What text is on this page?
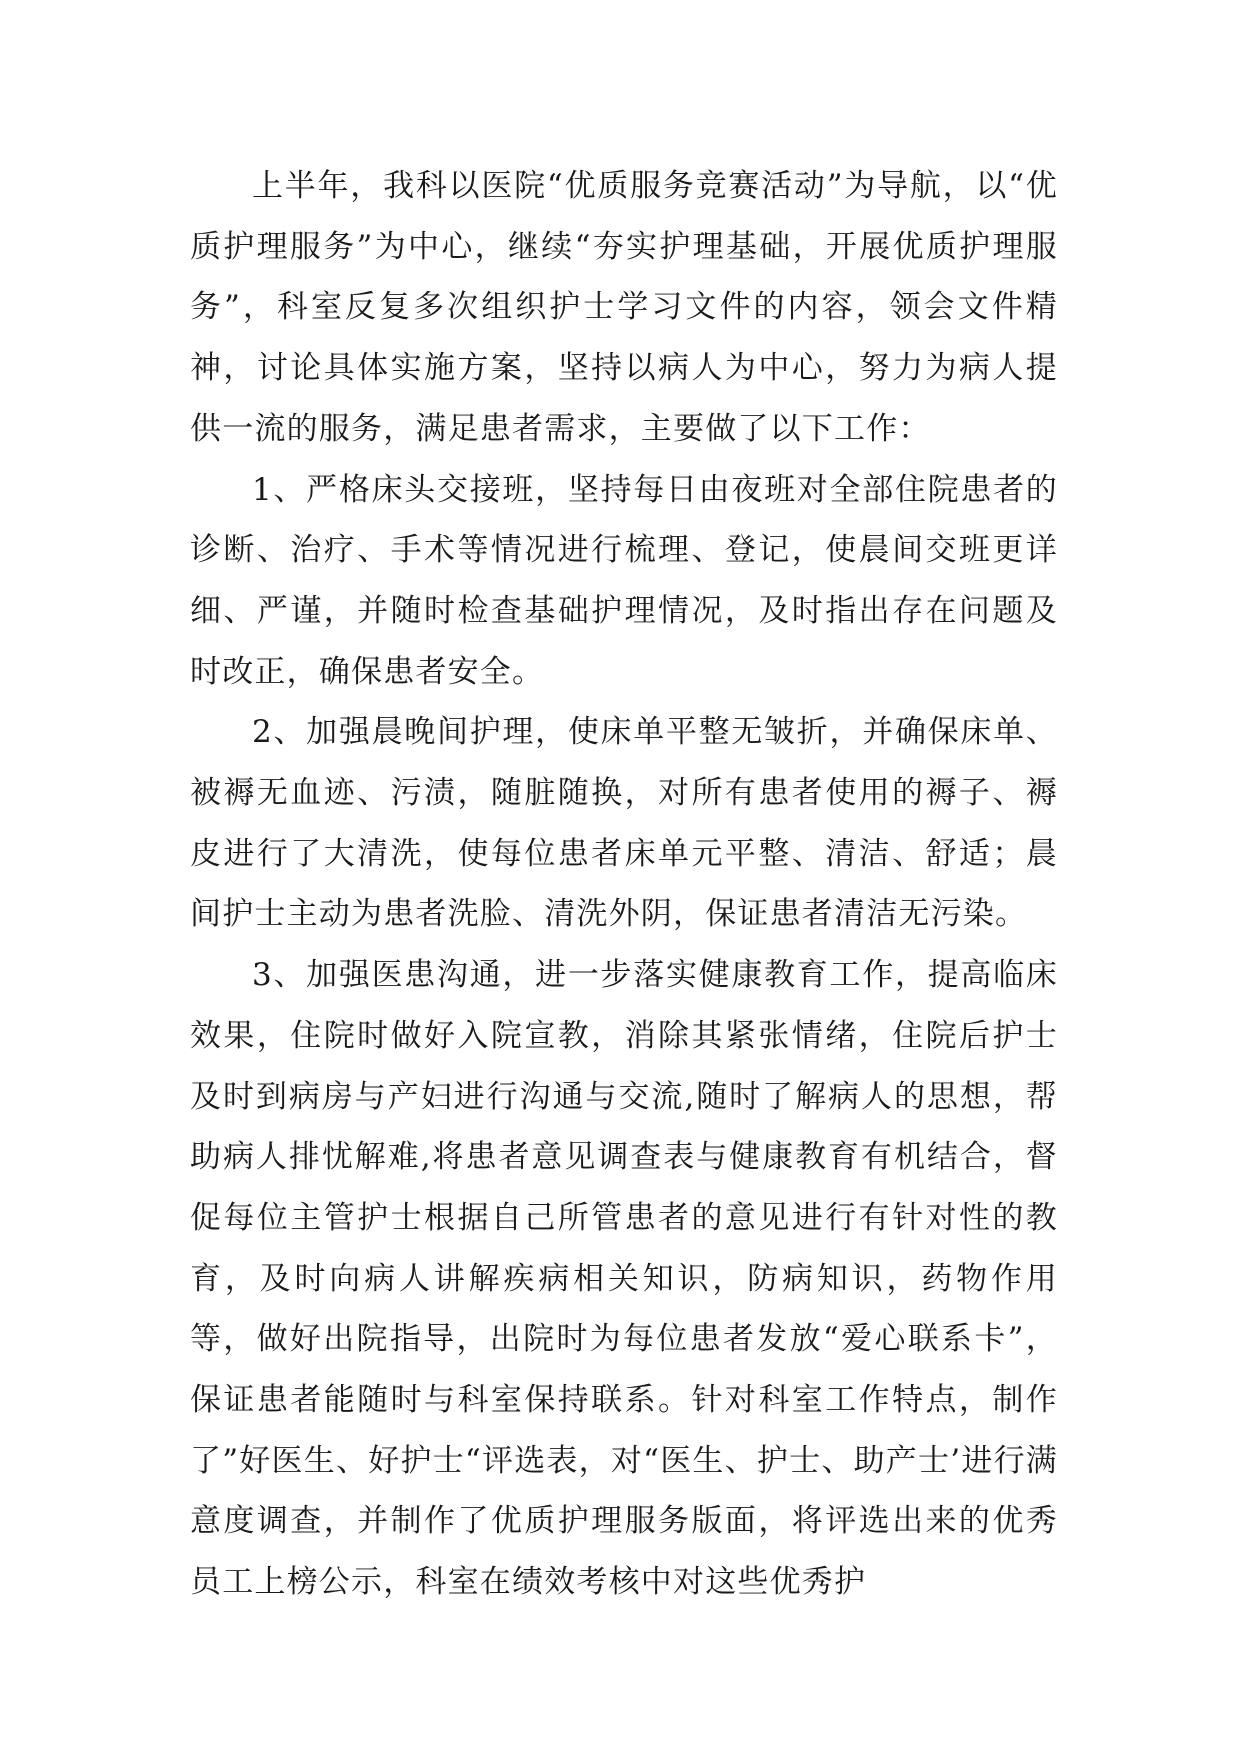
上半年，我科以医院“优质服务竞赛活动”为导航，以“优质护理服务”为中心，继续“夯实护理基础，开展优质护理服务”，科室反复多次组织护士学习文件的内容，领会文件精神，讨论具体实施方案，坚持以病人为中心，努力为病人提供一流的服务，满足患者需求，主要做了以下工作：

1、严格床头交接班，坚持每日由夜班对全部住院患者的诊断、治疗、手术等情况进行梳理、登记，使晨间交班更详细、严谨，并随时检查基础护理情况，及时指出存在问题及时改正，确保患者安全。

2、加强晨晚间护理，使床单平整无皱折，并确保床单、被褥无血迹、污渍，随脏随换，对所有患者使用的褥子、褥皮进行了大清洗，使每位患者床单元平整、清洁、舒适；晨间护士主动为患者洗脸、清洗外阴，保证患者清洁无污染。

3、加强医患沟通，进一步落实健康教育工作，提高临床效果，住院时做好入院宣教，消除其紧张情绪，住院后护士及时到病房与产妇进行沟通与交流,随时了解病人的思想，帮助病人排忧解难,将患者意见调查表与健康教育有机结合，督促每位主管护士根据自己所管患者的意见进行有针对性的教育，及时向病人讲解疾病相关知识，防病知识，药物作用等，做好出院指导，出院时为每位患者发放“爱心联系卡”，保证患者能随时与科室保持联系。针对科室工作特点，制作了”好医生、好护士“评选表，对“医生、护士、助产士’进行满意度调查，并制作了优质护理服务版面，将评选出来的优秀员工上榜公示，科室在绩效考核中对这些优秀护
